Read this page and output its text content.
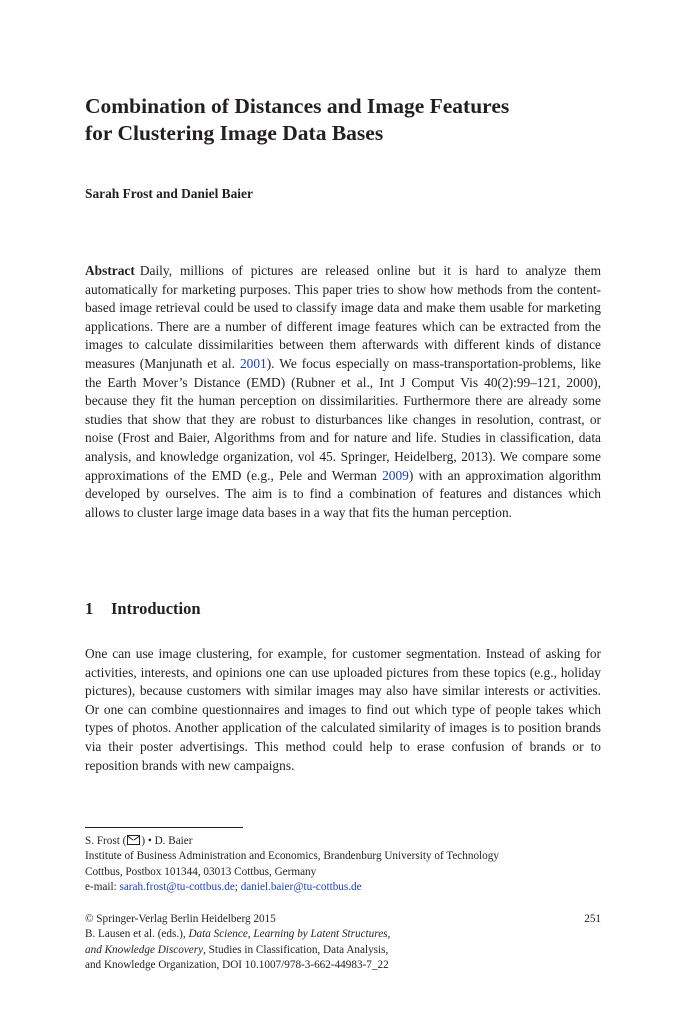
Combination of Distances and Image Features
for Clustering Image Data Bases
Sarah Frost and Daniel Baier

Abstract Daily, millions of pictures are released online but it is hard to analyze them automatically for marketing purposes. This paper tries to show how methods from the content-based image retrieval could be used to classify image data and make them usable for marketing applications. There are a number of different image features which can be extracted from the images to calculate dissimilarities between them afterwards with different kinds of distance measures (Manjunath et al. 2001). We focus especially on mass-transportation-problems, like the Earth Mover’s Distance (EMD) (Rubner et al., Int J Comput Vis 40(2):99–121, 2000), because they fit the human perception on dissimilarities. Furthermore there are already some studies that show that they are robust to disturbances like changes in resolution, contrast, or noise (Frost and Baier, Algorithms from and for nature and life. Studies in classification, data analysis, and knowledge organization, vol 45. Springer, Heidelberg, 2013). We compare some approximations of the EMD (e.g., Pele and Werman 2009) with an approximation algorithm developed by ourselves. The aim is to find a combination of features and distances which allows to cluster large image data bases in a way that fits the human perception.

1 Introduction

One can use image clustering, for example, for customer segmentation. Instead of asking for activities, interests, and opinions one can use uploaded pictures from these topics (e.g., holiday pictures), because customers with similar images may also have similar interests or activities. Or one can combine questionnaires and images to find out which type of people takes which types of photos. Another application of the calculated similarity of images is to position brands via their poster advertisings. This method could help to erase confusion of brands or to reposition brands with new campaigns.

S. Frost ( ) • D. Baier
Institute of Business Administration and Economics, Brandenburg University of Technology
Cottbus, Postbox 101344, 03013 Cottbus, Germany
e-mail: sarah.frost@tu-cottbus.de; daniel.baier@tu-cottbus.de
© Springer-Verlag Berlin Heidelberg 2015	251
B. Lausen et al. (eds.), Data Science, Learning by Latent Structures,
and Knowledge Discovery, Studies in Classification, Data Analysis,
and Knowledge Organization, DOI 10.1007/978-3-662-44983-7_22
